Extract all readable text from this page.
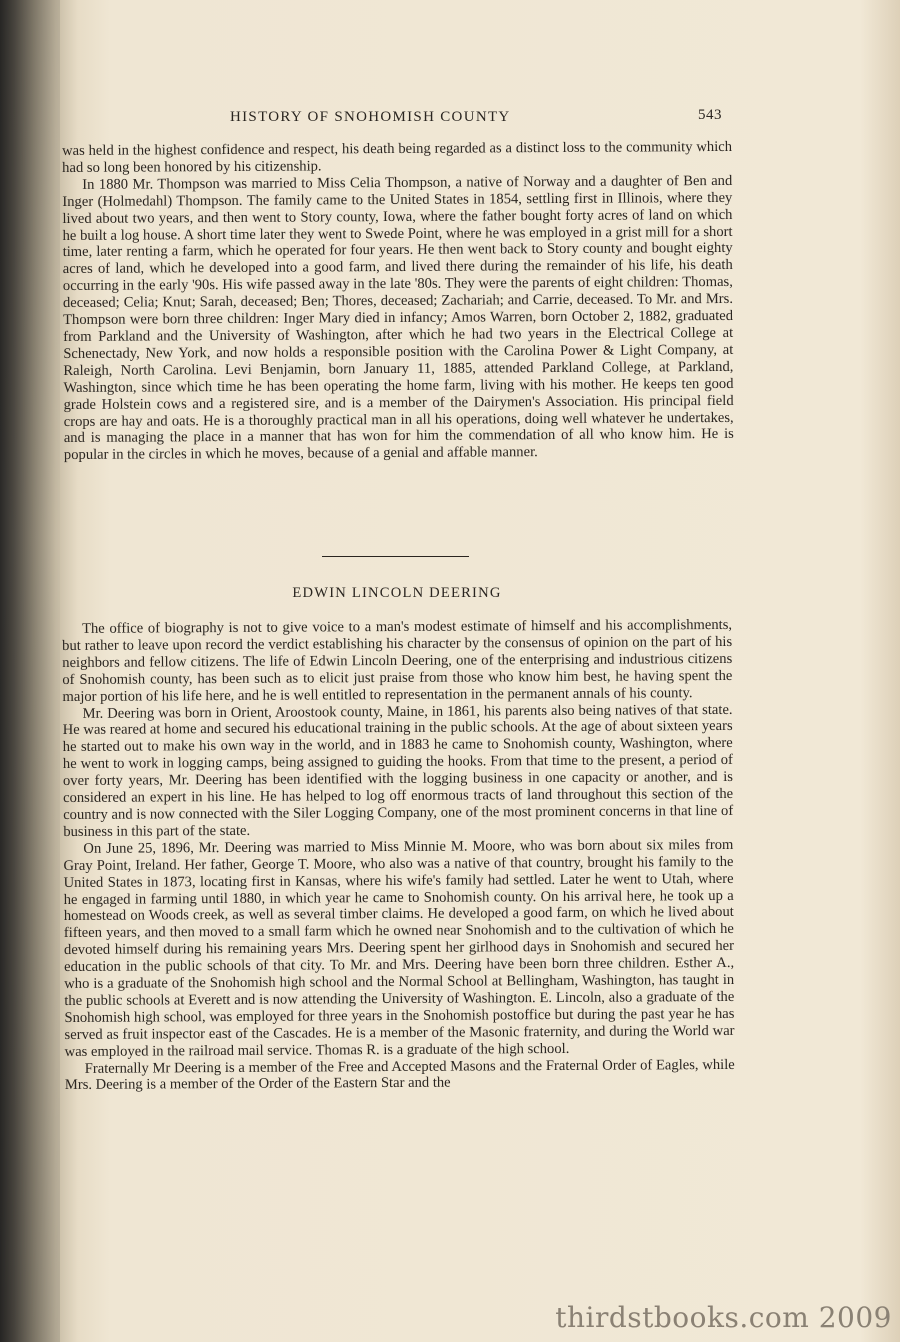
HISTORY OF SNOHOMISH COUNTY	543

was held in the highest confidence and respect, his death being regarded as a distinct loss to the community which had so long been honored by his citizenship.

In 1880 Mr. Thompson was married to Miss Celia Thompson, a native of Norway and a daughter of Ben and Inger (Holmedahl) Thompson. The family came to the United States in 1854, settling first in Illinois, where they lived about two years, and then went to Story county, Iowa, where the father bought forty acres of land on which he built a log house. A short time later they went to Swede Point, where he was employed in a grist mill for a short time, later renting a farm, which he operated for four years. He then went back to Story county and bought eighty acres of land, which he developed into a good farm, and lived there during the remainder of his life, his death occurring in the early '90s. His wife passed away in the late '80s. They were the parents of eight children: Thomas, deceased; Celia; Knut; Sarah, deceased; Ben; Thores, deceased; Zachariah; and Carrie, deceased. To Mr. and Mrs. Thompson were born three children: Inger Mary died in infancy; Amos Warren, born October 2, 1882, graduated from Parkland and the University of Washington, after which he had two years in the Electrical College at Schenectady, New York, and now holds a responsible position with the Carolina Power & Light Company, at Raleigh, North Carolina. Levi Benjamin, born January 11, 1885, attended Parkland College, at Parkland, Washington, since which time he has been operating the home farm, living with his mother. He keeps ten good grade Holstein cows and a registered sire, and is a member of the Dairymen's Association. His principal field crops are hay and oats. He is a thoroughly practical man in all his operations, doing well whatever he undertakes, and is managing the place in a manner that has won for him the commendation of all who know him. He is popular in the circles in which he moves, because of a genial and affable manner.

EDWIN LINCOLN DEERING

The office of biography is not to give voice to a man's modest estimate of himself and his accomplishments, but rather to leave upon record the verdict establishing his character by the consensus of opinion on the part of his neighbors and fellow citizens. The life of Edwin Lincoln Deering, one of the enterprising and industrious citizens of Snohomish county, has been such as to elicit just praise from those who know him best, he having spent the major portion of his life here, and he is well entitled to representation in the permanent annals of his county.

Mr. Deering was born in Orient, Aroostook county, Maine, in 1861, his parents also being natives of that state. He was reared at home and secured his educational training in the public schools. At the age of about sixteen years he started out to make his own way in the world, and in 1883 he came to Snohomish county, Washington, where he went to work in logging camps, being assigned to guiding the hooks. From that time to the present, a period of over forty years, Mr. Deering has been identified with the logging business in one capacity or another, and is considered an expert in his line. He has helped to log off enormous tracts of land throughout this section of the country and is now connected with the Siler Logging Company, one of the most prominent concerns in that line of business in this part of the state.

On June 25, 1896, Mr. Deering was married to Miss Minnie M. Moore, who was born about six miles from Gray Point, Ireland. Her father, George T. Moore, who also was a native of that country, brought his family to the United States in 1873, locating first in Kansas, where his wife's family had settled. Later he went to Utah, where he engaged in farming until 1880, in which year he came to Snohomish county. On his arrival here, he took up a homestead on Woods creek, as well as several timber claims. He developed a good farm, on which he lived about fifteen years, and then moved to a small farm which he owned near Snohomish and to the cultivation of which he devoted himself during his remaining years Mrs. Deering spent her girlhood days in Snohomish and secured her education in the public schools of that city. To Mr. and Mrs. Deering have been born three children. Esther A., who is a graduate of the Snohomish high school and the Normal School at Bellingham, Washington, has taught in the public schools at Everett and is now attending the University of Washington. E. Lincoln, also a graduate of the Snohomish high school, was employed for three years in the Snohomish postoffice but during the past year he has served as fruit inspector east of the Cascades. He is a member of the Masonic fraternity, and during the World war was employed in the railroad mail service. Thomas R. is a graduate of the high school.

Fraternally Mr Deering is a member of the Free and Accepted Masons and the Fraternal Order of Eagles, while Mrs. Deering is a member of the Order of the Eastern Star and the

thirdstbooks.com 2009
